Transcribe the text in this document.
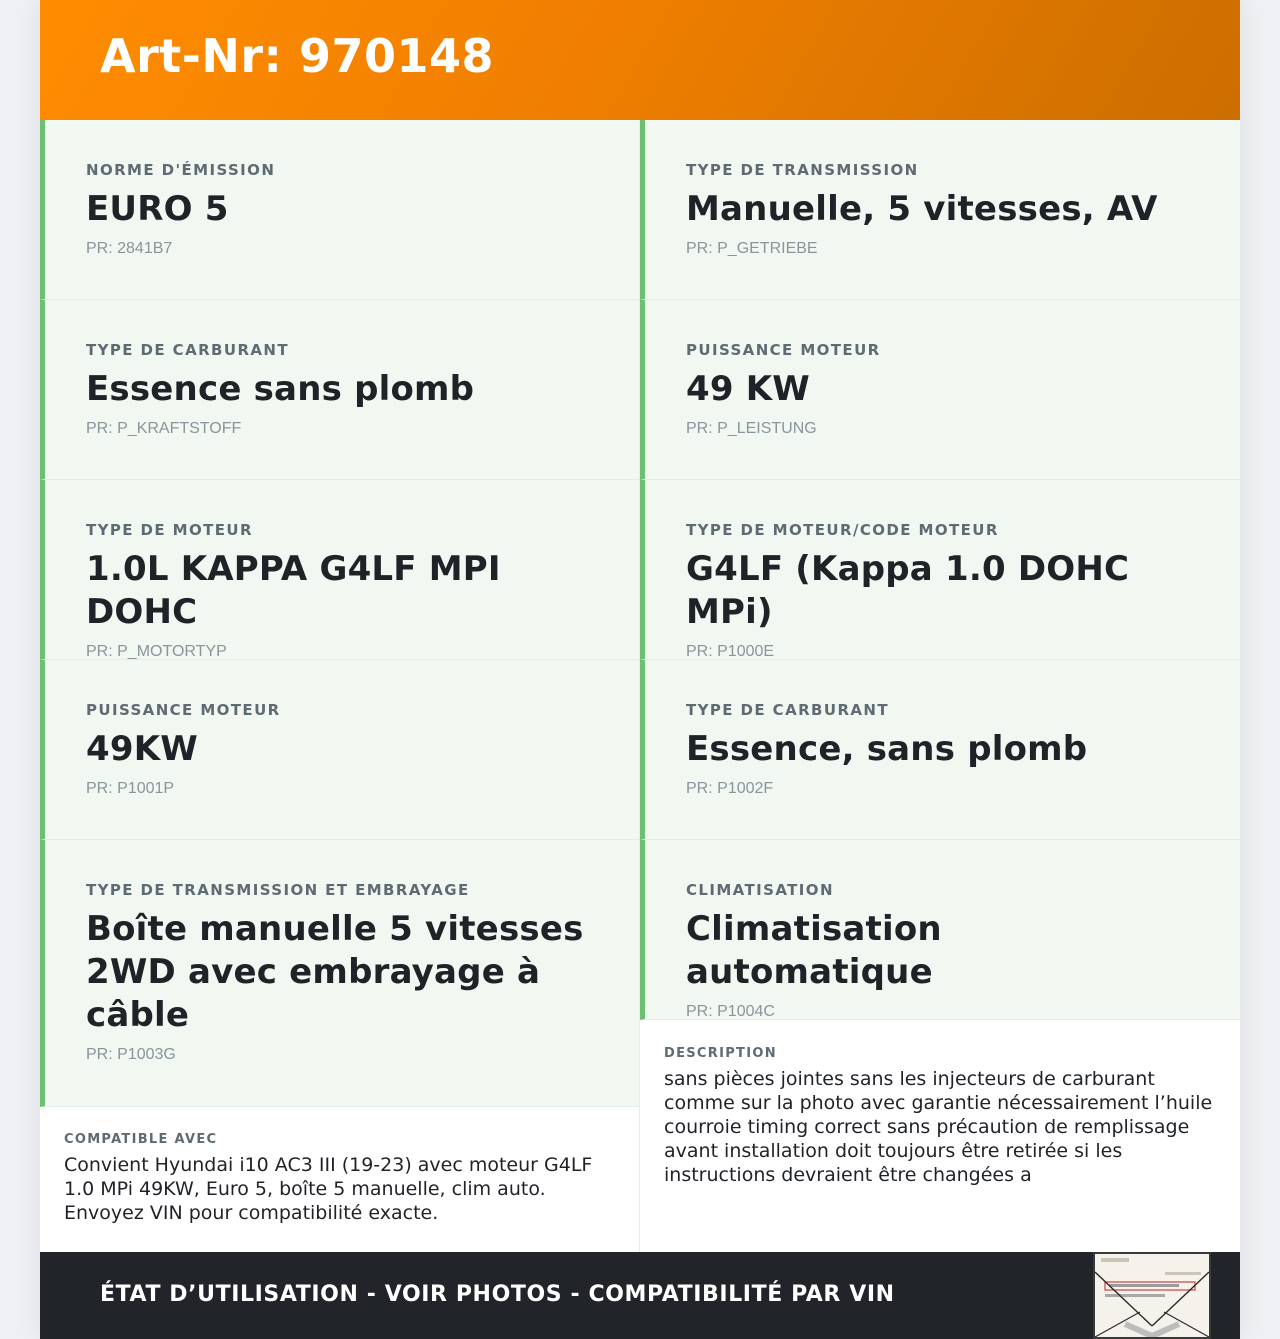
Art-Nr: 970148
NORME D'ÉMISSION
EURO 5
PR: 2841B7
TYPE DE CARBURANT
Essence sans plomb
PR: P_KRAFTSTOFF
TYPE DE MOTEUR
1.0L KAPPA G4LF MPI DOHC
PR: P_MOTORTYP
PUISSANCE MOTEUR
49KW
PR: P1001P
TYPE DE TRANSMISSION ET EMBRAYAGE
Boîte manuelle 5 vitesses 2WD avec embrayage à câble
PR: P1003G
TYPE DE TRANSMISSION
Manuelle, 5 vitesses, AV
PR: P_GETRIEBE
PUISSANCE MOTEUR
49 KW
PR: P_LEISTUNG
TYPE DE MOTEUR/CODE MOTEUR
G4LF (Kappa 1.0 DOHC MPi)
PR: P1000E
TYPE DE CARBURANT
Essence, sans plomb
PR: P1002F
CLIMATISATION
Climatisation automatique
PR: P1004C
COMPATIBLE AVEC
Convient Hyundai i10 AC3 III (19-23) avec moteur G4LF 1.0 MPi 49KW, Euro 5, boîte 5 manuelle, clim auto. Envoyez VIN pour compatibilité exacte.
DESCRIPTION
sans pièces jointes sans les injecteurs de carburant comme sur la photo avec garantie nécessairement l’huile courroie timing correct sans précaution de remplissage avant installation doit toujours être retirée si les instructions devraient être changées a
ÉTAT D’UTILISATION - VOIR PHOTOS - COMPATIBILITÉ PAR VIN
